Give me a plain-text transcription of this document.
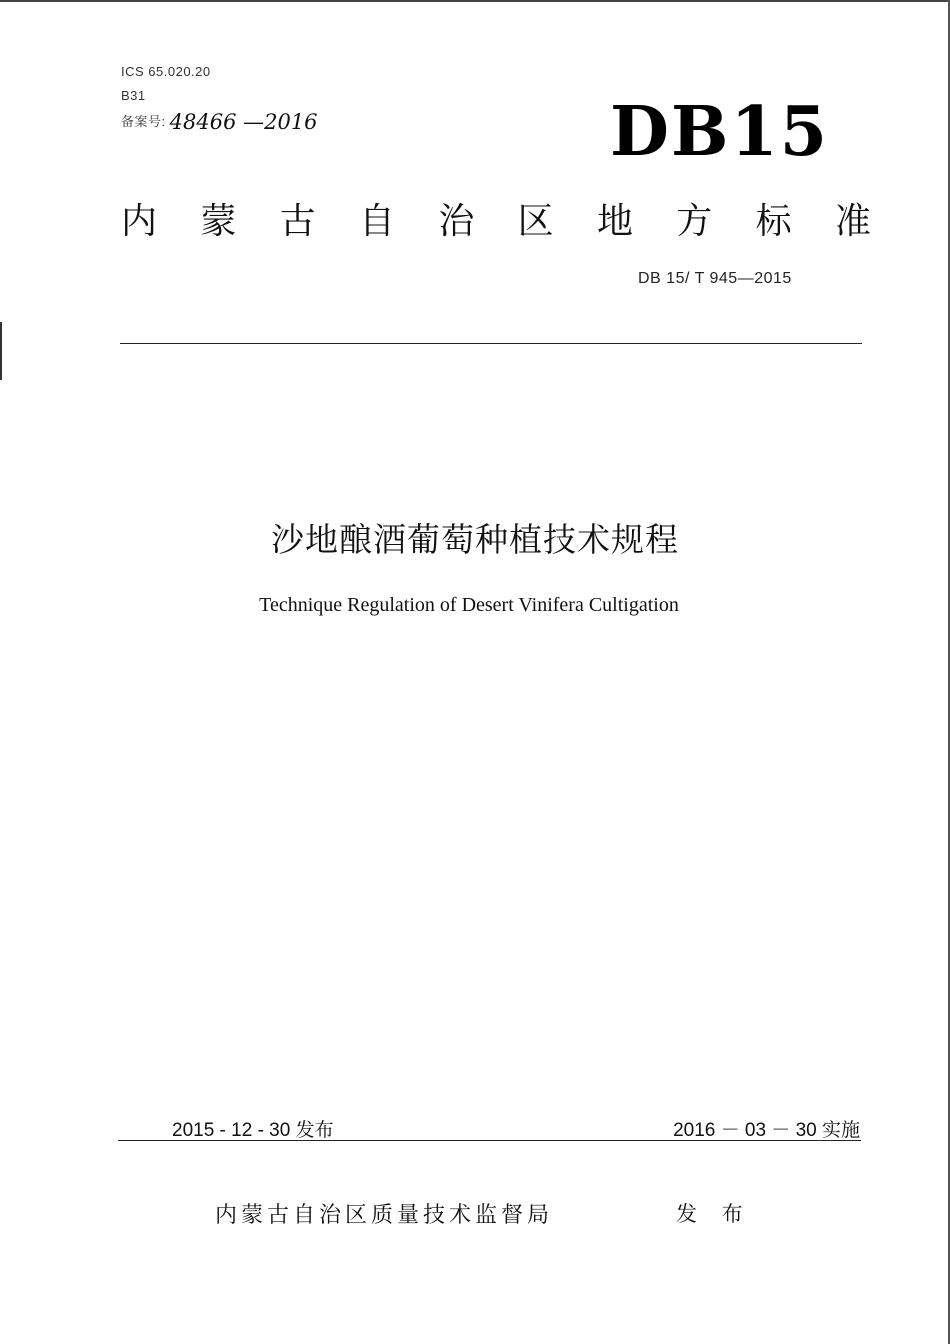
ICS 65.020.20
B31
备案号: 48466 —2016	DB15
内 蒙 古 自 治 区 地 方 标 准
DB 15/ T 945—2015
沙地酿酒葡萄种植技术规程
Technique Regulation of Desert Vinifera Cultigation
2015 - 12 - 30 发布	2016 － 03 － 30 实施
内蒙古自治区质量技术监督局	发 布
